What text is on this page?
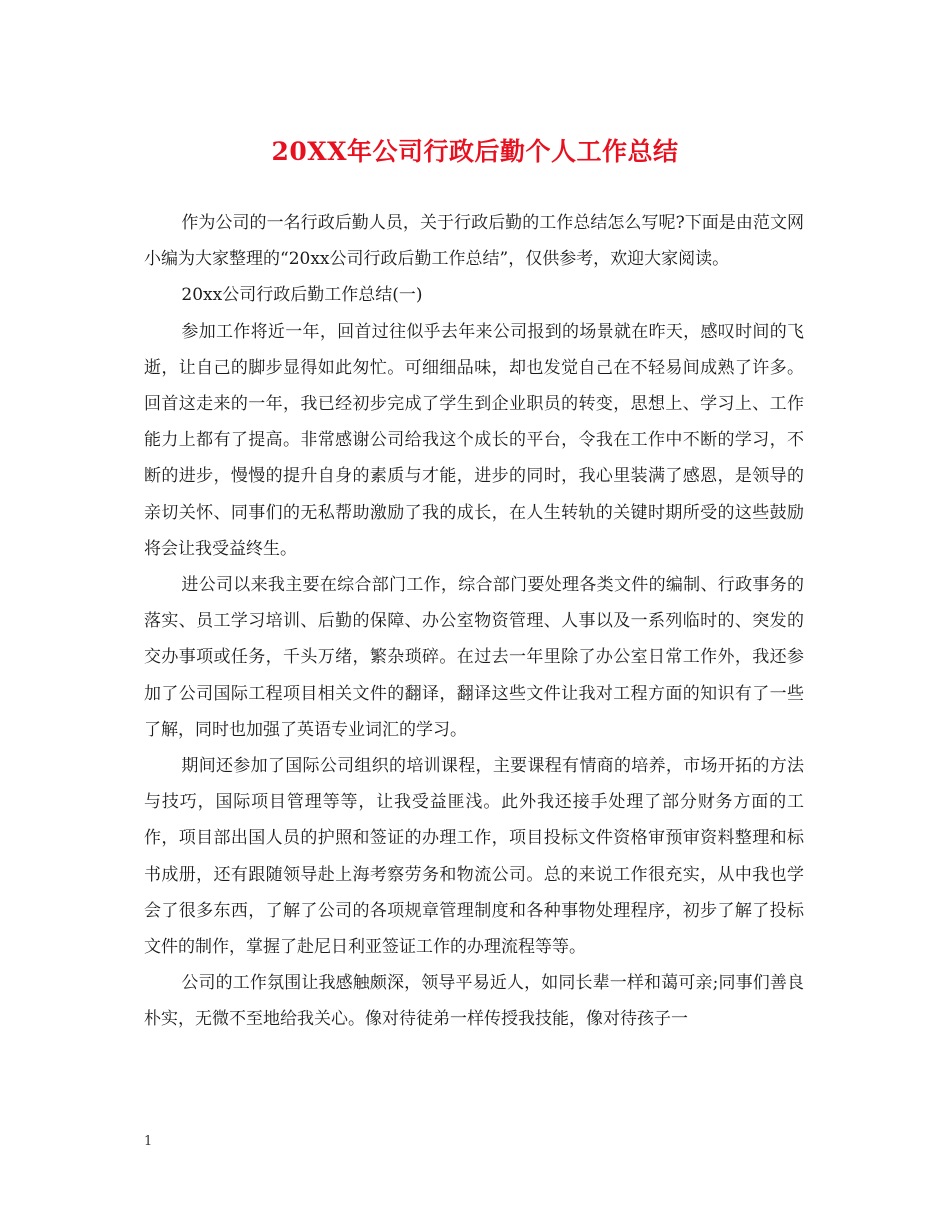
20XX年公司行政后勤个人工作总结

作为公司的一名行政后勤人员，关于行政后勤的工作总结怎么写呢?下面是由范文网小编为大家整理的“20xx公司行政后勤工作总结”，仅供参考，欢迎大家阅读。

20xx公司行政后勤工作总结(一)

参加工作将近一年，回首过往似乎去年来公司报到的场景就在昨天，感叹时间的飞逝，让自己的脚步显得如此匆忙。可细细品味，却也发觉自己在不轻易间成熟了许多。回首这走来的一年，我已经初步完成了学生到企业职员的转变，思想上、学习上、工作能力上都有了提高。非常感谢公司给我这个成长的平台，令我在工作中不断的学习，不断的进步，慢慢的提升自身的素质与才能，进步的同时，我心里装满了感恩，是领导的亲切关怀、同事们的无私帮助激励了我的成长，在人生转轨的关键时期所受的这些鼓励将会让我受益终生。

进公司以来我主要在综合部门工作，综合部门要处理各类文件的编制、行政事务的落实、员工学习培训、后勤的保障、办公室物资管理、人事以及一系列临时的、突发的交办事项或任务，千头万绪，繁杂琐碎。在过去一年里除了办公室日常工作外，我还参加了公司国际工程项目相关文件的翻译，翻译这些文件让我对工程方面的知识有了一些了解，同时也加强了英语专业词汇的学习。

期间还参加了国际公司组织的培训课程，主要课程有情商的培养，市场开拓的方法与技巧，国际项目管理等等，让我受益匪浅。此外我还接手处理了部分财务方面的工作，项目部出国人员的护照和签证的办理工作，项目投标文件资格审预审资料整理和标书成册，还有跟随领导赴上海考察劳务和物流公司。总的来说工作很充实，从中我也学会了很多东西，了解了公司的各项规章管理制度和各种事物处理程序，初步了解了投标文件的制作，掌握了赴尼日利亚签证工作的办理流程等等。

公司的工作氛围让我感触颇深，领导平易近人，如同长辈一样和蔼可亲;同事们善良朴实，无微不至地给我关心。像对待徒弟一样传授我技能，像对待孩子一

1
